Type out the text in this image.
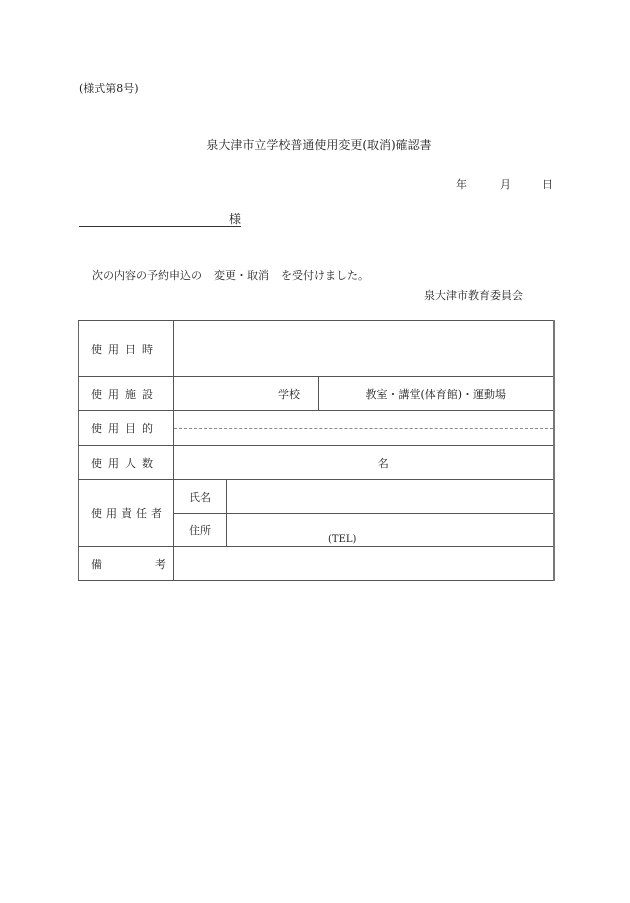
(様式第8号)
泉大津市立学校普通使用変更(取消)確認書
年	月	日
様
次の内容の予約申込の 変更・取消 を受付けました。
泉大津市教育委員会
使用日時			
使用施設	学校		教室・講堂(体育館)・運動場
使用目的			

使用人数	名		
使用責任者	氏名		
	住所	(TEL)	
備 考			
